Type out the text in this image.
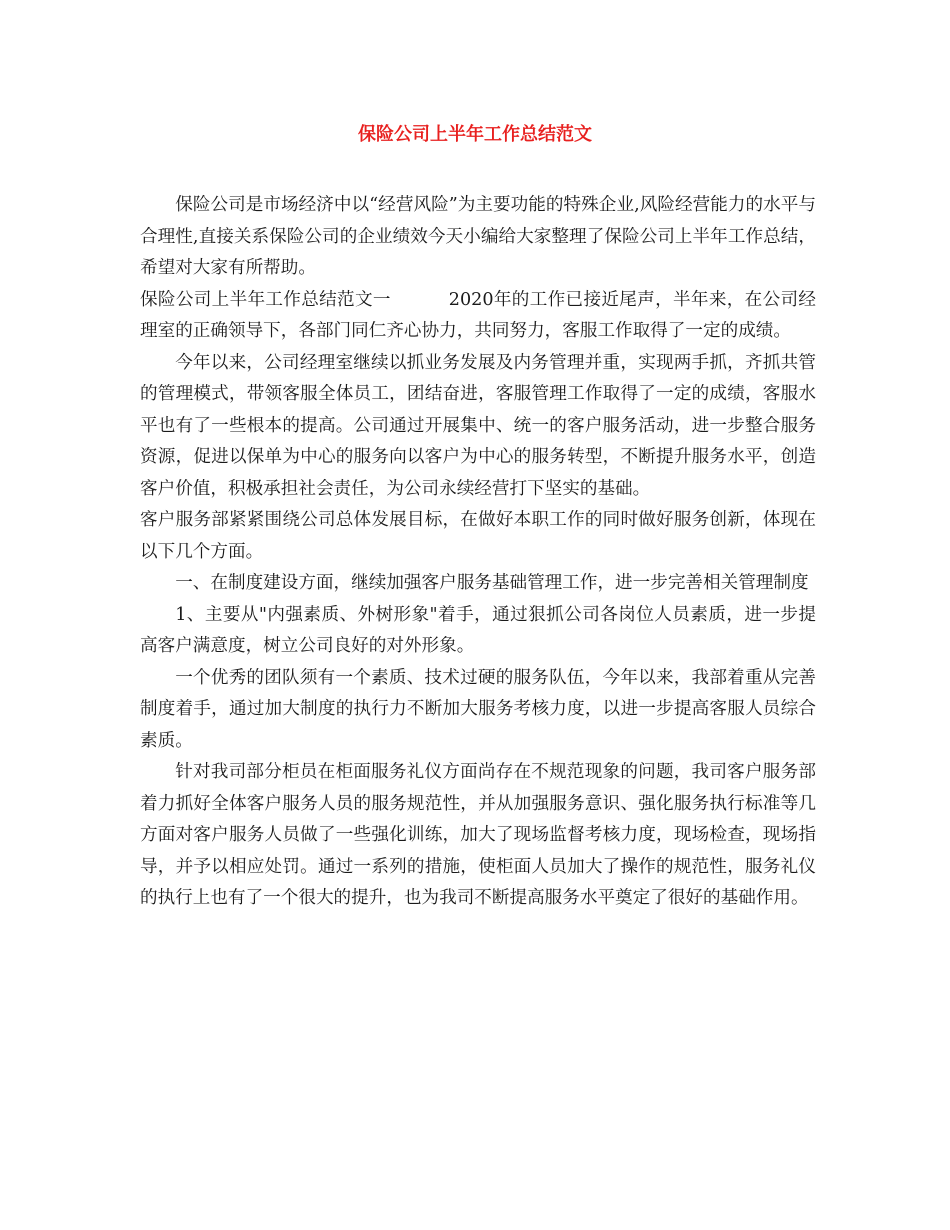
保险公司上半年工作总结范文

保险公司是市场经济中以“经营风险”为主要功能的特殊企业,风险经营能力的水平与合理性,直接关系保险公司的企业绩效今天小编给大家整理了保险公司上半年工作总结，希望对大家有所帮助。

保险公司上半年工作总结范文一	2020年的工作已接近尾声，半年来，在公司经理室的正确领导下，各部门同仁齐心协力，共同努力，客服工作取得了一定的成绩。

今年以来，公司经理室继续以抓业务发展及内务管理并重，实现两手抓，齐抓共管的管理模式，带领客服全体员工，团结奋进，客服管理工作取得了一定的成绩，客服水平也有了一些根本的提高。公司通过开展集中、统一的客户服务活动，进一步整合服务资源，促进以保单为中心的服务向以客户为中心的服务转型，不断提升服务水平，创造客户价值，积极承担社会责任，为公司永续经营打下坚实的基础。

客户服务部紧紧围绕公司总体发展目标，在做好本职工作的同时做好服务创新，体现在以下几个方面。

一、在制度建设方面，继续加强客户服务基础管理工作，进一步完善相关管理制度

1、主要从"内强素质、外树形象"着手，通过狠抓公司各岗位人员素质，进一步提高客户满意度，树立公司良好的对外形象。

一个优秀的团队须有一个素质、技术过硬的服务队伍，今年以来，我部着重从完善制度着手，通过加大制度的执行力不断加大服务考核力度，以进一步提高客服人员综合素质。

针对我司部分柜员在柜面服务礼仪方面尚存在不规范现象的问题，我司客户服务部着力抓好全体客户服务人员的服务规范性，并从加强服务意识、强化服务执行标准等几方面对客户服务人员做了一些强化训练，加大了现场监督考核力度，现场检查，现场指导，并予以相应处罚。通过一系列的措施，使柜面人员加大了操作的规范性，服务礼仪的执行上也有了一个很大的提升，也为我司不断提高服务水平奠定了很好的基础作用。
